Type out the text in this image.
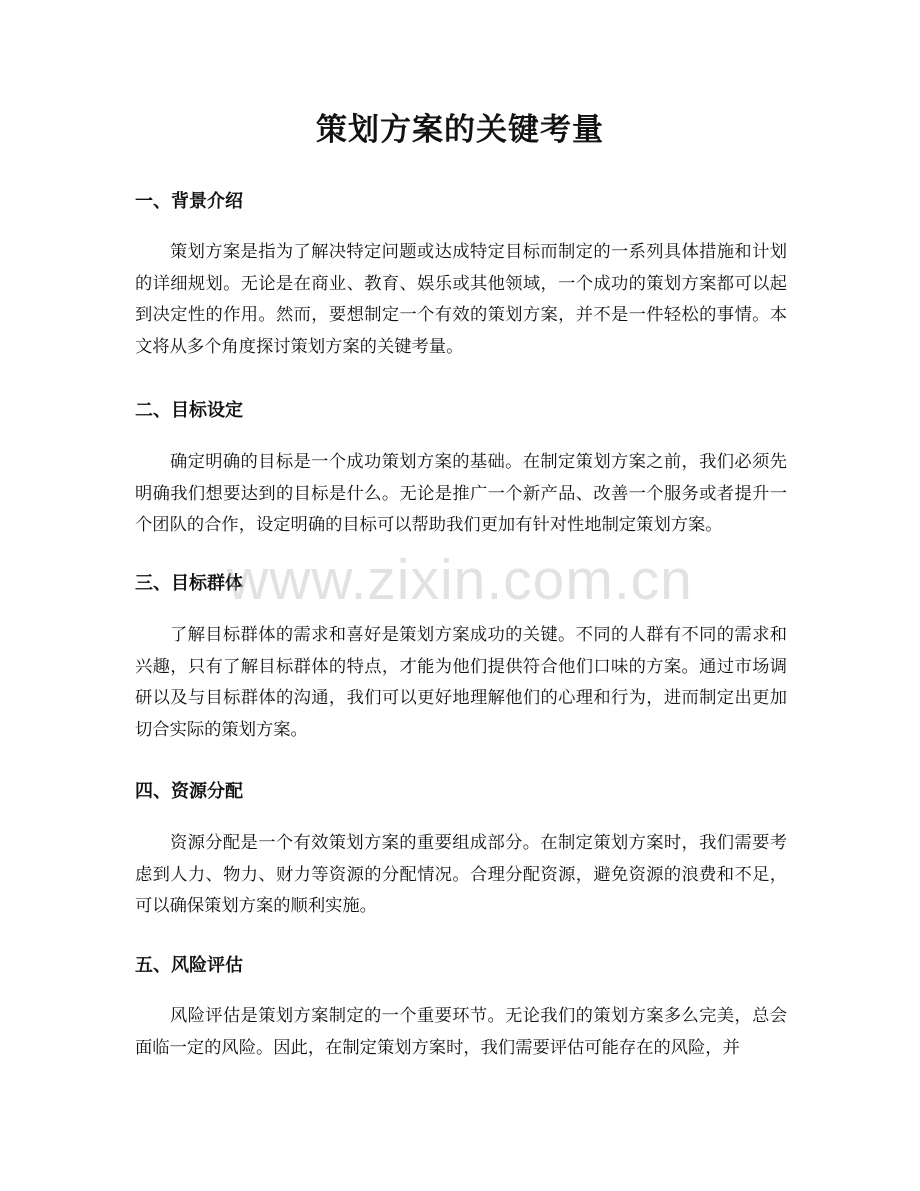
策划方案的关键考量
一、背景介绍

策划方案是指为了解决特定问题或达成特定目标而制定的一系列具体措施和计划的详细规划。无论是在商业、教育、娱乐或其他领域，一个成功的策划方案都可以起到决定性的作用。然而，要想制定一个有效的策划方案，并不是一件轻松的事情。本文将从多个角度探讨策划方案的关键考量。

二、目标设定

确定明确的目标是一个成功策划方案的基础。在制定策划方案之前，我们必须先明确我们想要达到的目标是什么。无论是推广一个新产品、改善一个服务或者提升一个团队的合作，设定明确的目标可以帮助我们更加有针对性地制定策划方案。

三、目标群体

了解目标群体的需求和喜好是策划方案成功的关键。不同的人群有不同的需求和兴趣，只有了解目标群体的特点，才能为他们提供符合他们口味的方案。通过市场调研以及与目标群体的沟通，我们可以更好地理解他们的心理和行为，进而制定出更加切合实际的策划方案。

四、资源分配

资源分配是一个有效策划方案的重要组成部分。在制定策划方案时，我们需要考虑到人力、物力、财力等资源的分配情况。合理分配资源，避免资源的浪费和不足，可以确保策划方案的顺利实施。

五、风险评估

风险评估是策划方案制定的一个重要环节。无论我们的策划方案多么完美，总会面临一定的风险。因此，在制定策划方案时，我们需要评估可能存在的风险，并

www.zixin.com.cn
